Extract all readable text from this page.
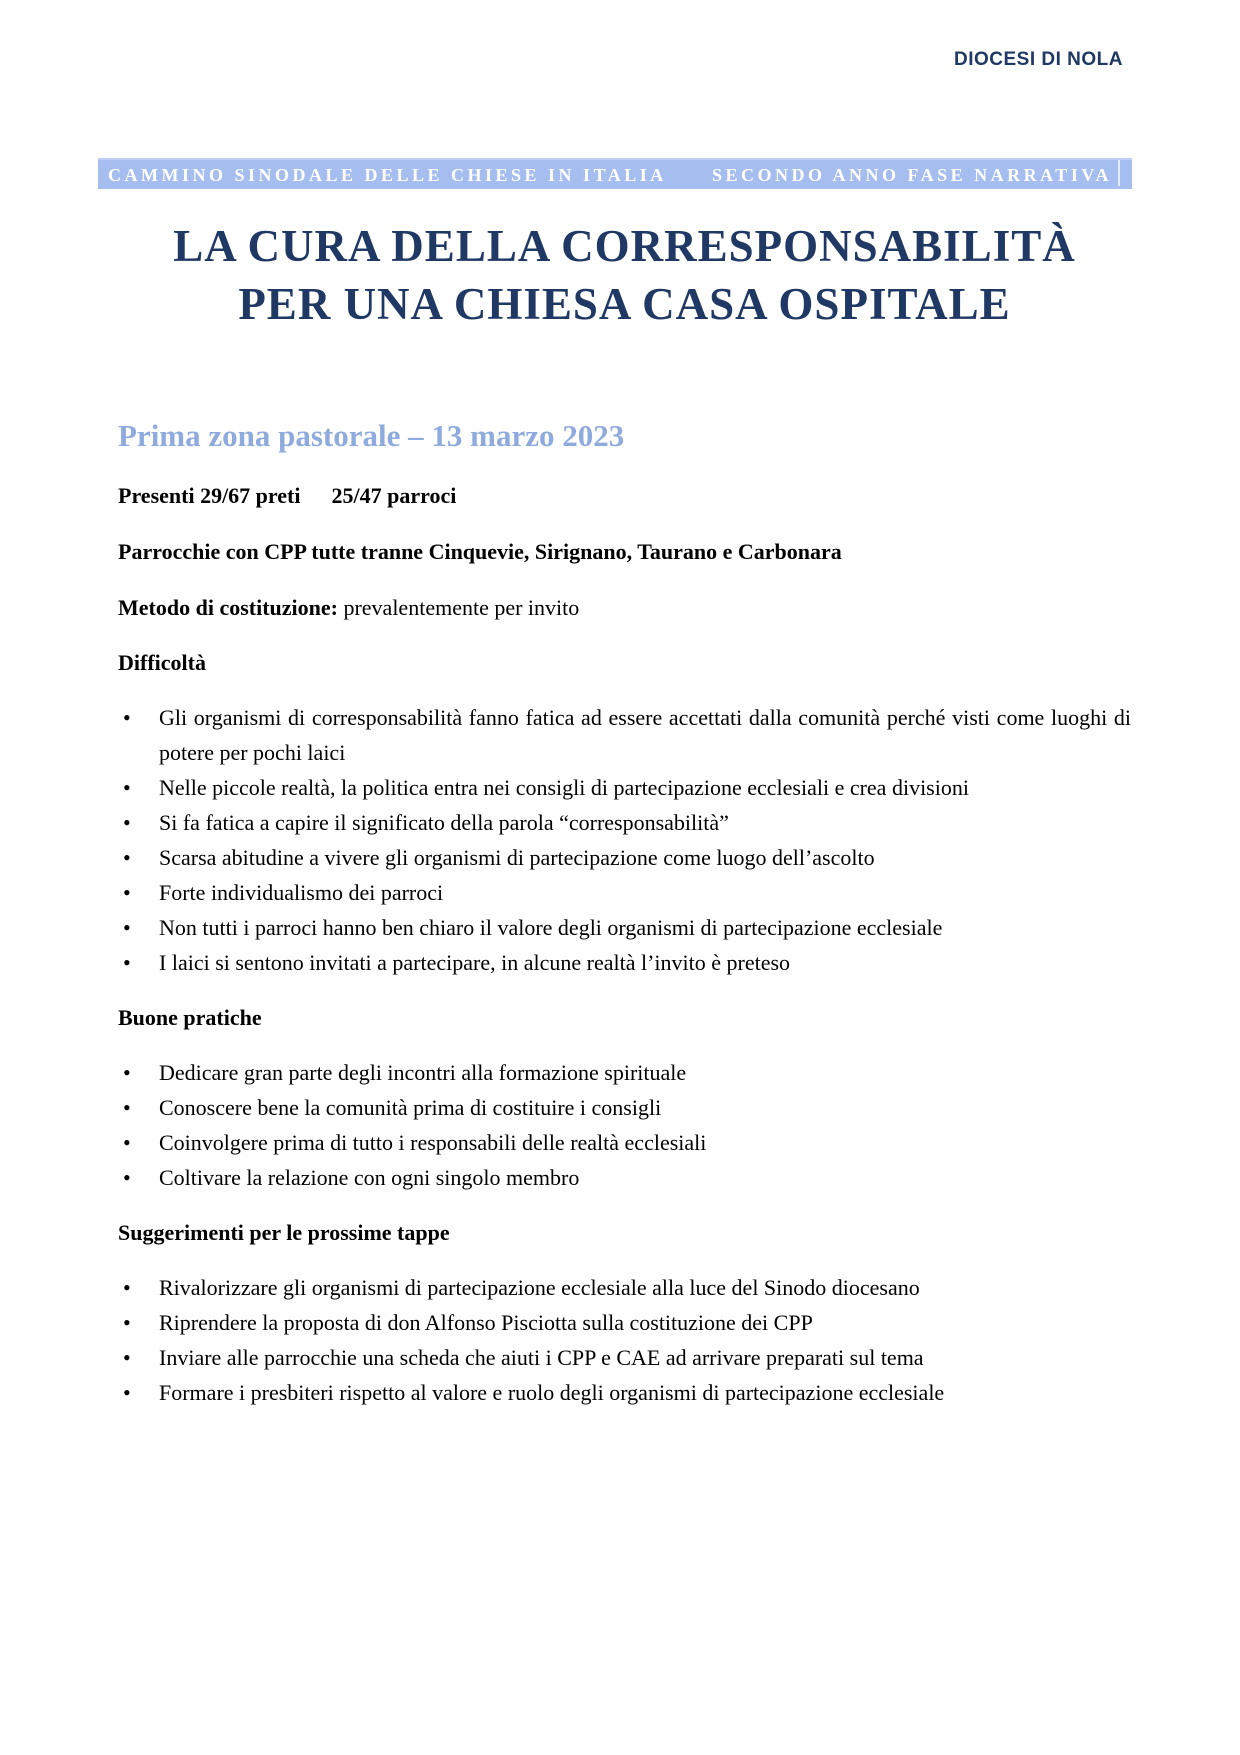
DIOCESI DI NOLA
CAMMINO SINODALE DELLE CHIESE IN ITALIA	SECONDO ANNO FASE NARRATIVA
LA CURA DELLA CORRESPONSABILITÀ
PER UNA CHIESA CASA OSPITALE
Prima zona pastorale – 13 marzo 2023

Presenti 29/67 preti 25/47 parroci

Parrocchie con CPP tutte tranne Cinquevie, Sirignano, Taurano e Carbonara

Metodo di costituzione: prevalentemente per invito

Difficoltà
• Gli organismi di corresponsabilità fanno fatica ad essere accettati dalla comunità perché visti come luoghi di potere per pochi laici
• Nelle piccole realtà, la politica entra nei consigli di partecipazione ecclesiali e crea divisioni
• Si fa fatica a capire il significato della parola “corresponsabilità”
• Scarsa abitudine a vivere gli organismi di partecipazione come luogo dell’ascolto
• Forte individualismo dei parroci
• Non tutti i parroci hanno ben chiaro il valore degli organismi di partecipazione ecclesiale
• I laici si sentono invitati a partecipare, in alcune realtà l’invito è preteso
Buone pratiche
• Dedicare gran parte degli incontri alla formazione spirituale
• Conoscere bene la comunità prima di costituire i consigli
• Coinvolgere prima di tutto i responsabili delle realtà ecclesiali
• Coltivare la relazione con ogni singolo membro
Suggerimenti per le prossime tappe
• Rivalorizzare gli organismi di partecipazione ecclesiale alla luce del Sinodo diocesano
• Riprendere la proposta di don Alfonso Pisciotta sulla costituzione dei CPP
• Inviare alle parrocchie una scheda che aiuti i CPP e CAE ad arrivare preparati sul tema
• Formare i presbiteri rispetto al valore e ruolo degli organismi di partecipazione ecclesiale
